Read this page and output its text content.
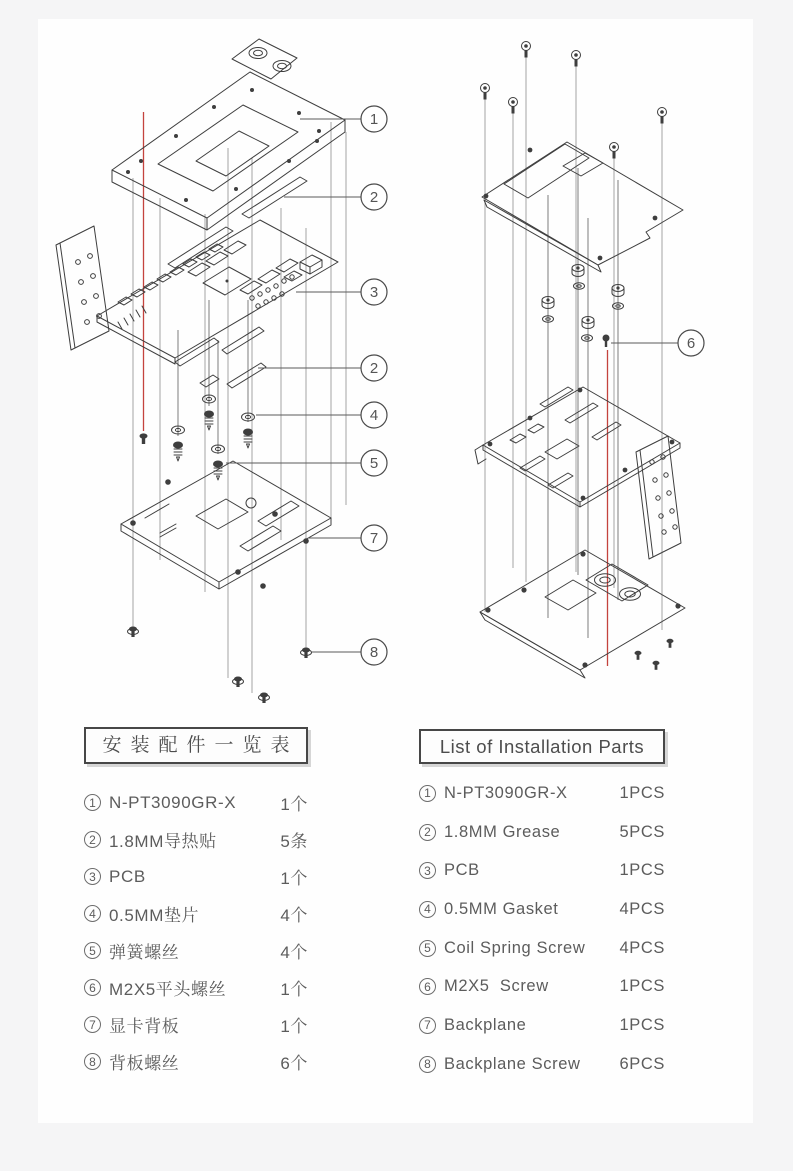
1
2
3
2
4
5
7
8
6
安装配件一览表
1 N-PT3090GR-X	1个
2 1.8MM导热贴	5条
3 PCB	1个
4 0.5MM垫片	4个
5 弹簧螺丝	4个
6 M2X5平头螺丝	1个
7 显卡背板	1个
8 背板螺丝	6个
List of Installation Parts
1 N-PT3090GR-X	1PCS
2 1.8MM Grease	5PCS
3 PCB	1PCS
4 0.5MM Gasket	4PCS
5 Coil Spring Screw	4PCS
6 M2X5  Screw	1PCS
7 Backplane	1PCS
8 Backplane Screw	6PCS
